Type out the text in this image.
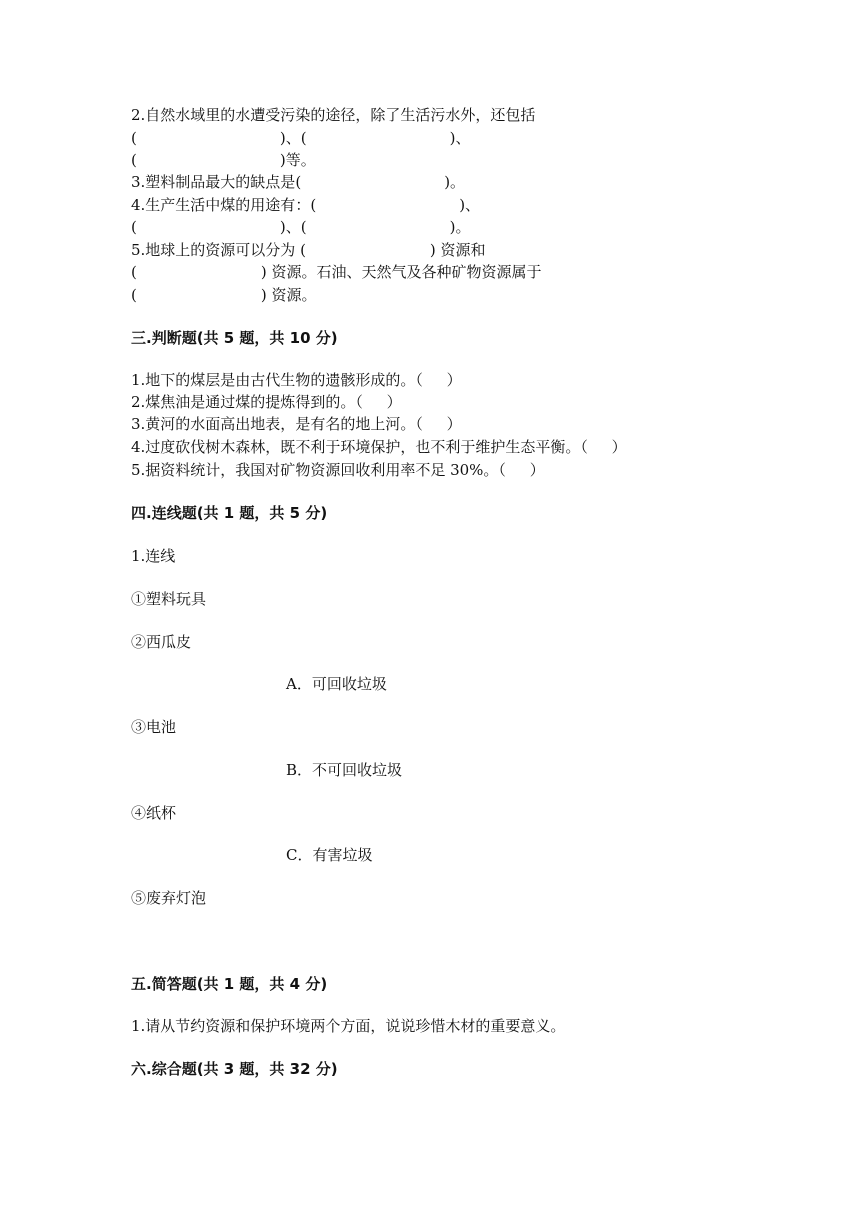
2.自然水域里的水遭受污染的途径，除了生活污水外，还包括
(                              )、(                              )、
(                              )等。
3.塑料制品最大的缺点是(                              )。
4.生产生活中煤的用途有：(                              )、
(                              )、(                              )。
5.地球上的资源可以分为 (                          ) 资源和
(                          ) 资源。石油、天然气及各种矿物资源属于
(                          ) 资源。
三.判断题(共 5 题，共 10 分)
1.地下的煤层是由古代生物的遗骸形成的。（     ）
2.煤焦油是通过煤的提炼得到的。（     ）
3.黄河的水面高出地表，是有名的地上河。（     ）
4.过度砍伐树木森林，既不利于环境保护，也不利于维护生态平衡。（     ）
5.据资料统计，我国对矿物资源回收利用率不足 30%。（     ）
四.连线题(共 1 题，共 5 分)
1.连线
①塑料玩具
②西瓜皮
A．可回收垃圾
③电池
B．不可回收垃圾
④纸杯
C．有害垃圾
⑤废弃灯泡
五.简答题(共 1 题，共 4 分)
1.请从节约资源和保护环境两个方面，说说珍惜木材的重要意义。
六.综合题(共 3 题，共 32 分)
